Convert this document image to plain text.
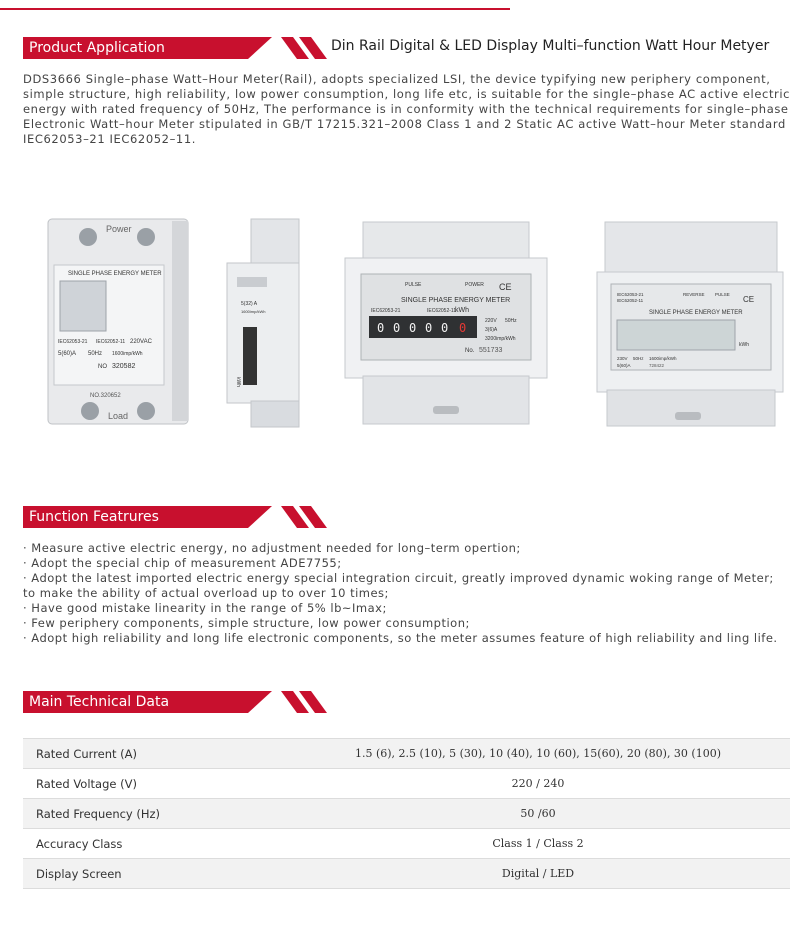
Product Application	Din Rail Digital & LED Display Multi–function Watt Hour Metyer
DDS3666 Single–phase Watt–Hour Meter(Rail), adopts specialized LSI, the device typifying new periphery component, simple structure, high reliability, low power consumption, long life etc, is suitable for the single–phase AC active electric energy with rated frequency of 50Hz, The performance is in conformity with the technical requirements for single–phase Electronic Watt–hour Meter stipulated in GB/T 17215.321–2008 Class 1 and 2 Static AC active Watt–hour Meter standard IEC62053–21 IEC62052–11.
Power
SINGLE PHASE ENERGY METER
IEC62053-21 IEC62052-11 220VAC
5(60)A 50Hz 1600imp/kWh
NO 320582
NO.320652
Load
5(32) A
1600imp/kWh
kWh
PULSE	POWER CE
SINGLE PHASE ENERGY METER
IEC62053-21	IEC62052-11
0 0 0 0 0 0
kWh
220V 50Hz
3(6)A
3200imp/kWh
No. 551733
IEC62053-21
IEC62052-11
REVERSE PULSE
CE
SINGLE PHASE ENERGY METER
kWh
230V 50Hz 1600imp/kWh
5(60)A	728422
Function Featrures
· Measure active electric energy, no adjustment needed for long–term opertion;
· Adopt the special chip of measurement ADE7755;
· Adopt the latest imported electric energy special integration circuit, greatly improved dynamic woking range of Meter;
to make the ability of actual overload up to over 10 times;
· Have good mistake linearity in the range of 5% lb~Imax;
· Few periphery components, simple structure, low power consumption;
· Adopt high reliability and long life electronic components, so the meter assumes feature of high reliability and ling life.
Main Technical Data
Rated Current (A)	1.5 (6), 2.5 (10), 5 (30), 10 (40), 10 (60), 15(60), 20 (80), 30 (100)
Rated Voltage (V)	220 / 240
Rated Frequency (Hz)	50 /60
Accuracy Class	Class 1 / Class 2
Display Screen	Digital / LED
